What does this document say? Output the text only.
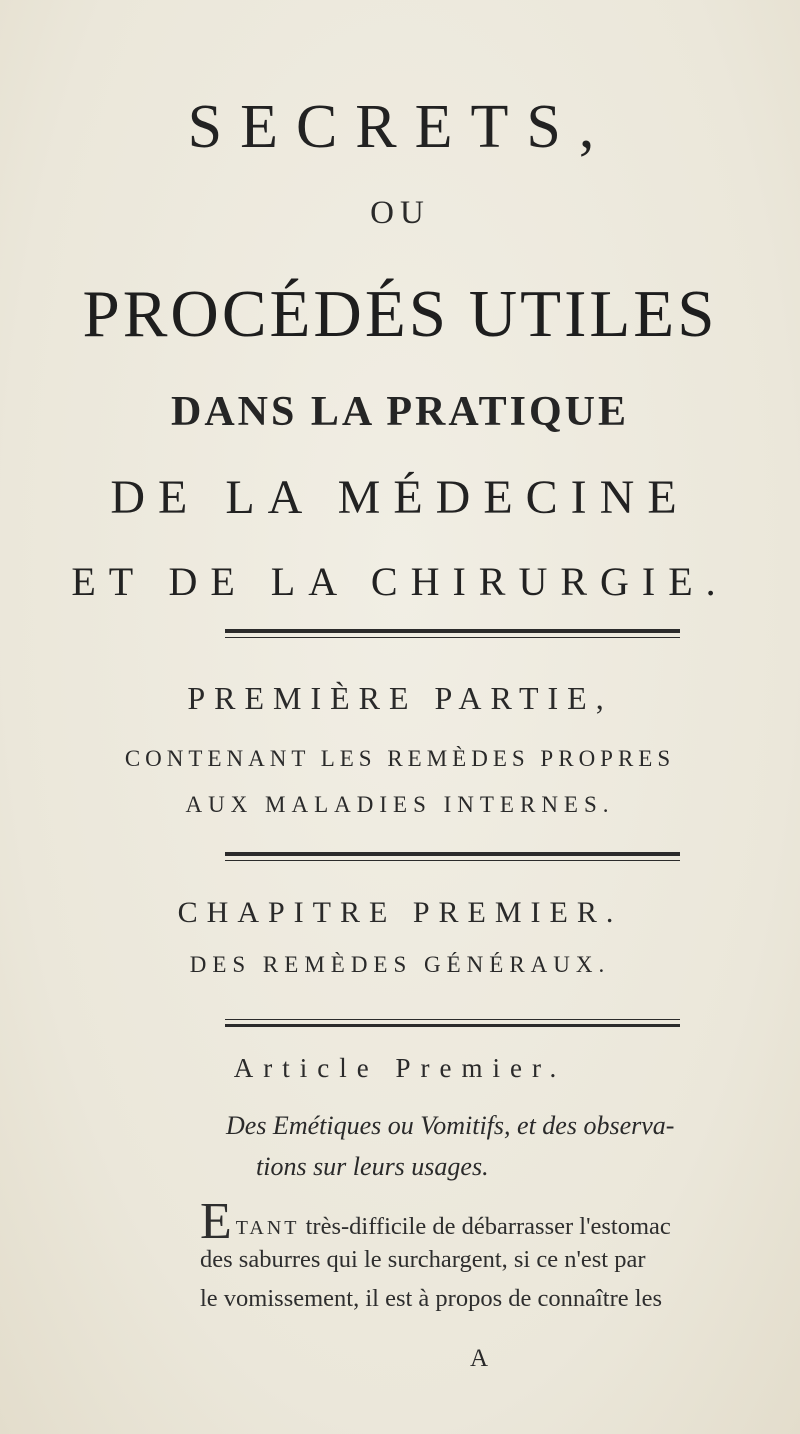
SECRETS,
OU
PROCÉDÉS UTILES
DANS LA PRATIQUE
DE LA MÉDECINE
ET DE LA CHIRURGIE.
PREMIÈRE PARTIE,
CONTENANT LES REMÈDES PROPRES
AUX MALADIES INTERNES.
CHAPITRE PREMIER.
DES REMÈDES GÉNÉRAUX.
Article Premier.
Des Emétiques ou Vomitifs, et des observa-
tions sur leurs usages.
ETANT très-difficile de débarrasser l'estomac
des saburres qui le surchargent, si ce n'est par
le vomissement, il est à propos de connaître les
A
